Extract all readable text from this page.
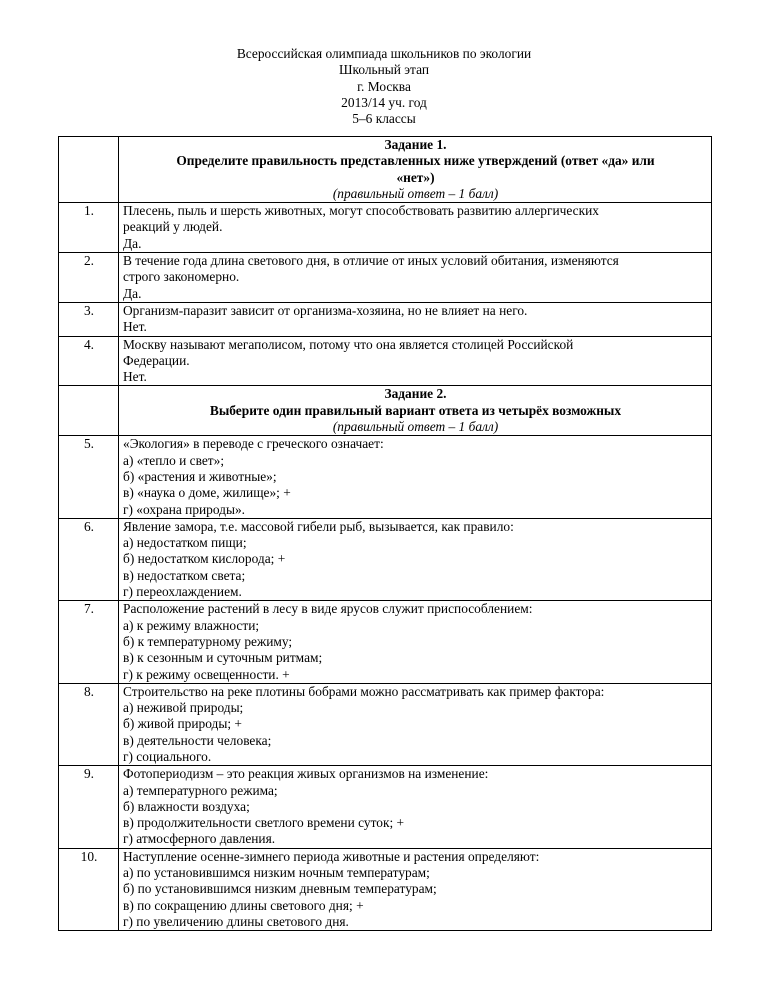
Всероссийская олимпиада школьников по экологии
Школьный этап
г. Москва
2013/14 уч. год
5–6 классы

	Задание 1.
Определите правильность представленных ниже утверждений (ответ «да» или
«нет»)
(правильный ответ – 1 балл)

1.	Плесень, пыль и шерсть животных, могут способствовать развитию аллергических
реакций у людей.
Да.

2.	В течение года длина светового дня, в отличие от иных условий обитания, изменяются
строго закономерно.
Да.

3.	Организм-паразит зависит от организма-хозяина, но не влияет на него.
Нет.

4.	Москву называют мегаполисом, потому что она является столицей Российской
Федерации.
Нет.

	Задание 2.
Выберите один правильный вариант ответа из четырёх возможных
(правильный ответ – 1 балл)

5.	«Экология» в переводе с греческого означает:
а) «тепло и свет»;
б) «растения и животные»;
в) «наука о доме, жилище»; +
г) «охрана природы».

6.	Явление замора, т.е. массовой гибели рыб, вызывается, как правило:
а) недостатком пищи;
б) недостатком кислорода; +
в) недостатком света;
г) переохлаждением.

7.	Расположение растений в лесу в виде ярусов служит приспособлением:
а) к режиму влажности;
б) к температурному режиму;
в) к сезонным и суточным ритмам;
г) к режиму освещенности. +

8.	Строительство на реке плотины бобрами можно рассматривать как пример фактора:
а) неживой природы;
б) живой природы; +
в) деятельности человека;
г) социального.

9.	Фотопериодизм – это реакция живых организмов на изменение:
а) температурного режима;
б) влажности воздуха;
в) продолжительности светлого времени суток; +
г) атмосферного давления.

10.	Наступление осенне-зимнего периода животные и растения определяют:
а) по установившимся низким ночным температурам;
б) по установившимся низким дневным температурам;
в) по сокращению длины светового дня; +
г) по увеличению длины светового дня.
